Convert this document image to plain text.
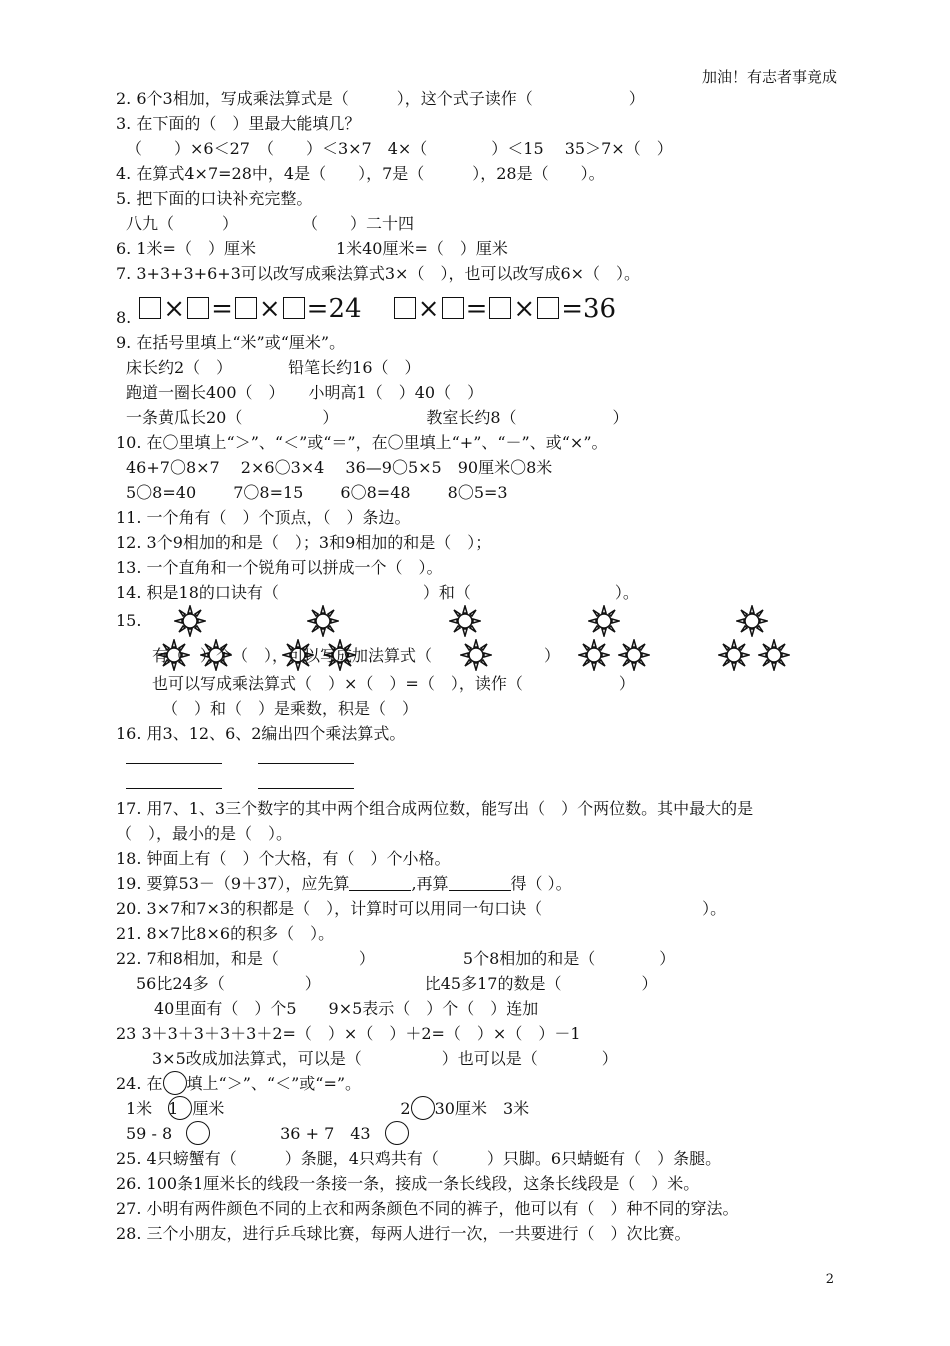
加油！有志者事竟成
2. 6个3相加，写成乘法算式是（　　　），这个式子读作（　　　　　　）
3. 在下面的（　）里最大能填几？
（　　）×6＜27　（　　）＜3×7　4×（　　　　）＜15　 35＞7×（　）
4. 在算式4×7=28中，4是（　　），7是（　　　），28是（　　）。
5. 把下面的口诀补充完整。
八九（　　　）　　　　　（　　）二十四
6. 1米=（　）厘米　　　　　1米40厘米=（　）厘米
7. 3+3+3+6+3可以改写成乘法算式3×（　），也可以改写成6×（　）。
$_{8.}$ × = × =24 × = × =36
9. 在括号里填上“米”或“厘米”。
床长约2（　）　　　　铅笔长约16（　）
跑道一圈长400（　）　　小明高1（　）40（　）
一条黄瓜长20（　　　　　）　　　　　　教室长约8（　　　　　　）
10. 在〇里填上“＞”、“＜”或“＝”，在〇里填上“+”、“－”、或“×”。
46+7〇8×7　 2×6〇3×4　 36—9〇5×5　90厘米〇8米
5〇8=40　　 7〇8=15　　 6〇8=48　　 8〇5=3
11. 一个角有（　）个顶点，（　）条边。
12. 3个9相加的和是（　）；3和9相加的和是（　）；
13. 一个直角和一个锐角可以拼成一个（　）。
14. 积是18的口诀有（　　　　　　　　　）和（　　　　　　　　　）。
15.
有（　）个（　），可以写成加法算式（　　　　　　　）
也可以写成乘法算式（　）×（　）=（　），读作（　　　　　　）
（　）和（　）是乘数，积是（　）
16. 用3、12、6、2编出四个乘法算式。
17. 用7、1、3三个数字的其中两个组合成两位数，能写出（　）个两位数。其中最大的是
（　），最小的是（　）。
18. 钟面上有（　）个大格，有（　）个小格。
19. 要算53－（9＋37），应先算	,再算	得（ ）。
20. 3×7和7×3的积都是（　），计算时可以用同一句口诀（　　　　　　　　　　）。
21. 8×7比8×6的积多（　）。
22. 7和8相加，和是（　　　　　）　　　　　　5个8相加的和是（　　　　）
56比24多（　　　　　）　　　　　　　比45多17的数是（　　　　　）
40里面有（　）个5　　9×5表示（　）个（　）连加
23 3＋3＋3＋3＋3＋2=（　）×（　）＋2=（　）×（　）－1
3×5改成加法算式，可以是（　　　　　）也可以是（　　　　）
24. 在 填上“＞”、“＜”或“=”。
1米　1 厘米	2 30厘米　3米
59 - 8	36 + 7　43
25. 4只螃蟹有（　　　）条腿，4只鸡共有（　　　）只脚。6只蜻蜓有（　）条腿。
26. 100条1厘米长的线段一条接一条，接成一条长线段，这条长线段是（　）米。
27. 小明有两件颜色不同的上衣和两条颜色不同的裤子，他可以有（　）种不同的穿法。
28. 三个小朋友，进行乒乓球比赛，每两人进行一次，一共要进行（　）次比赛。
2
